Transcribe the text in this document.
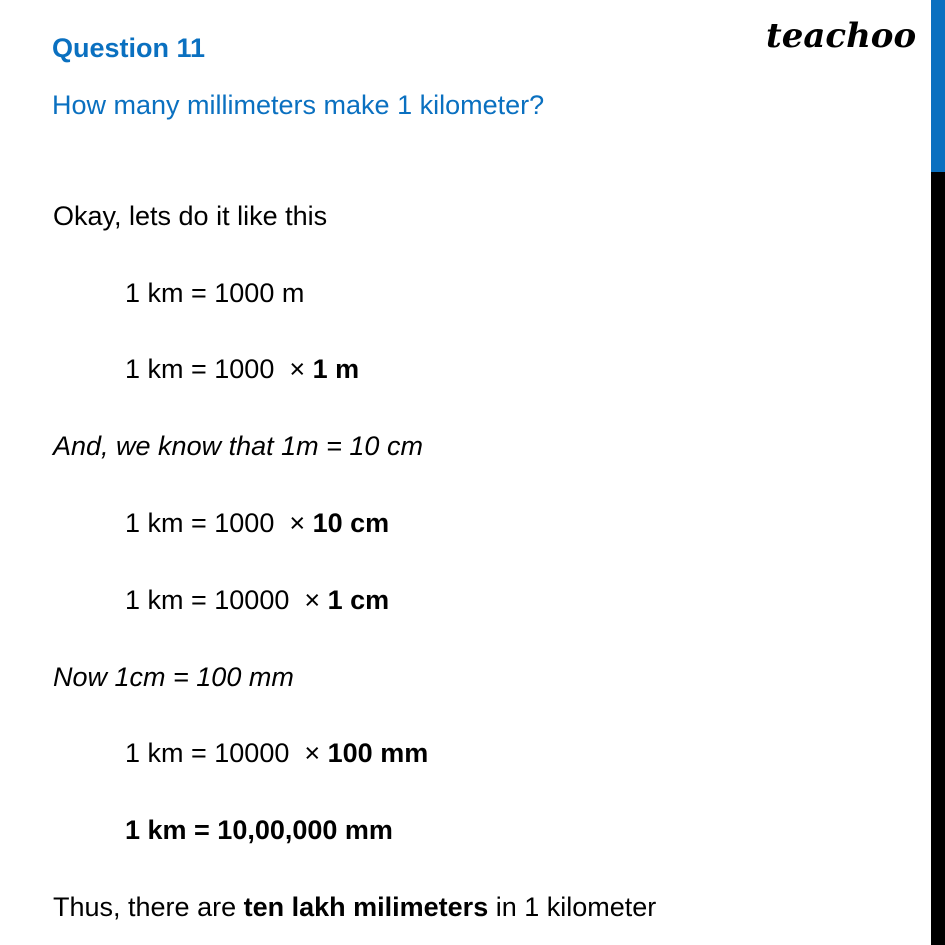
teachoo
Question 11
How many millimeters make 1 kilometer?
Okay, lets do it like this
1 km = 1000 m
1 km = 1000  × 1 m
And, we know that 1m = 10 cm
1 km = 1000  × 10 cm
1 km = 10000  × 1 cm
Now 1cm = 100 mm
1 km = 10000  × 100 mm
1 km = 10,00,000 mm
Thus, there are ten lakh milimeters in 1 kilometer
